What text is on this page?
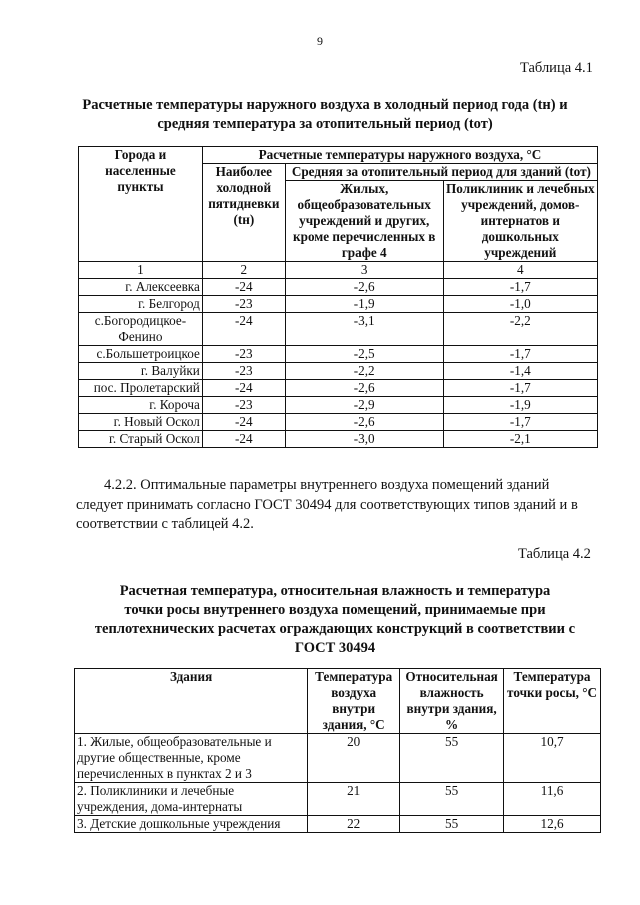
9
Таблица 4.1
Расчетные температуры наружного воздуха в холодный период года (tн) и
средняя температура за отопительный период (tот)
Города и населенные пункты	Расчетные температуры наружного воздуха, °С		
	Наиболее холодной пятидневки (tн)	Средняя за отопительный период для зданий (tот)	
		Жилых, общеобразовательных учреждений и других, кроме перечисленных в графе 4	Поликлиник и лечебных учреждений, домов-интернатов и дошкольных учреждений
1	2	3	4
г. Алексеевка	-24	-2,6	-1,7
г. Белгород	-23	-1,9	-1,0
с.Богородицкое-Фенино	-24	-3,1	-2,2
с.Большетроицкое	-23	-2,5	-1,7
г. Валуйки	-23	-2,2	-1,4
пос. Пролетарский	-24	-2,6	-1,7
г. Короча	-23	-2,9	-1,9
г. Новый Оскол	-24	-2,6	-1,7
г. Старый Оскол	-24	-3,0	-2,1
4.2.2. Оптимальные параметры внутреннего воздуха помещений зданий
следует принимать согласно ГОСТ 30494 для соответствующих типов зданий и в
соответствии с таблицей 4.2.
Таблица 4.2
Расчетная температура, относительная влажность и температура
точки росы внутреннего воздуха помещений, принимаемые при
теплотехнических расчетах ограждающих конструкций в соответствии с
ГОСТ 30494
Здания	Температура воздуха внутри здания, °С	Относительная влажность внутри здания, %	Температура точки росы, °С
1. Жилые, общеобразовательные и другие общественные, кроме перечисленных в пунктах 2 и 3	20	55	10,7
2. Поликлиники и лечебные учреждения, дома-интернаты	21	55	11,6
3. Детские дошкольные учреждения	22	55	12,6
